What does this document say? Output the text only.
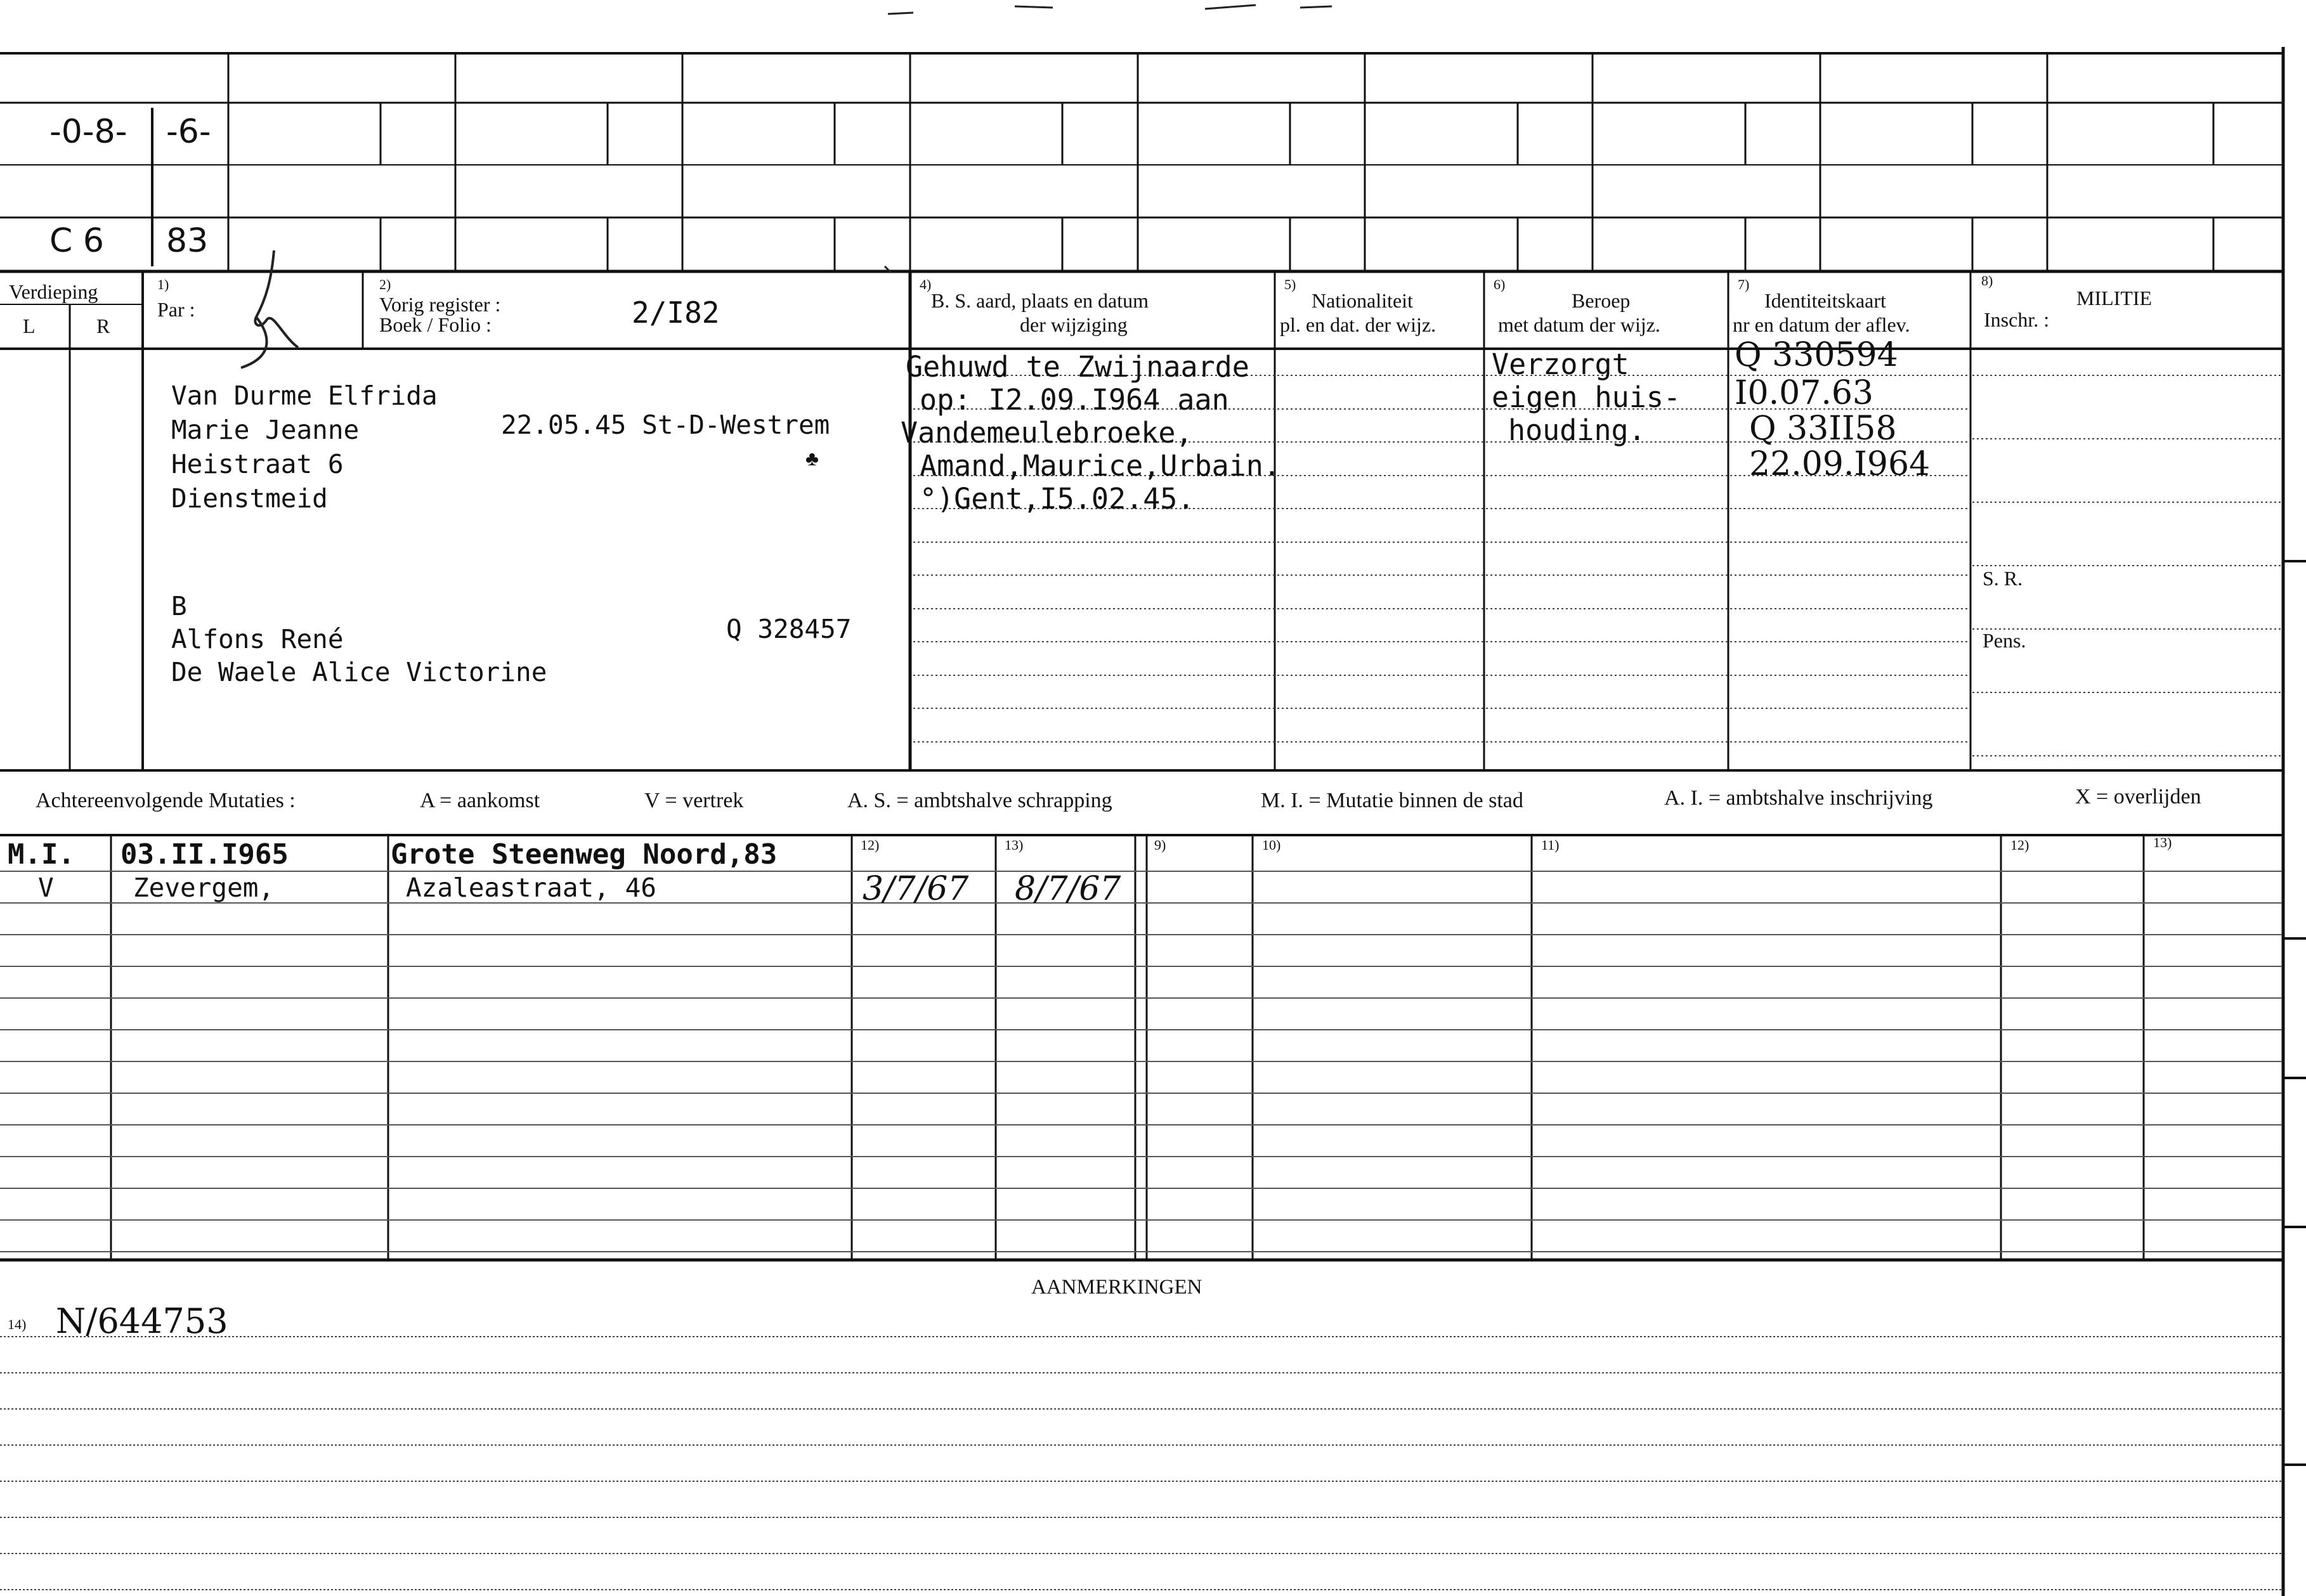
-0-8- -6-
C 6 83
Verdieping
L	R
1)
Par :
2)
Vorig register :
Boek / Folio :	2/I82
4)
B. S. aard, plaats en datum
der wijziging
5)
Nationaliteit
pl. en dat. der wijz.
6)
Beroep
met datum der wijz.
7)
Identiteitskaart
nr en datum der aflev.
8)
MILITIE
Inschr. :
Van Durme Elfrida
Marie Jeanne	22.05.45 St-D-Westrem
Heistraat 6
Dienstmeid
♣
B
Alfons René	Q 328457
De Waele Alice Victorine
Gehuwd te Zwijnaarde
op: I2.09.I964 aan
Vandemeulebroeke,
Amand,Maurice,Urbain.
°)Gent,I5.02.45.
Verzorgt
eigen huis-
houding.
Q 330594
I0.07.63
Q 33II58
22.09.I964
S. R.
Pens.
Achtereenvolgende Mutaties :	A = aankomst	V = vertrek	A. S. = ambtshalve schrapping	M. I. = Mutatie binnen de stad	A. I. = ambtshalve inschrijving	X = overlijden
12)	13)	9)	10)	11)	12)	13)
M.I. 03.II.I965	Grote Steenweg Noord,83
V	Zevergem,	Azaleastraat, 46	3/7/67 8/7/67
AANMERKINGEN
14) N/644753
